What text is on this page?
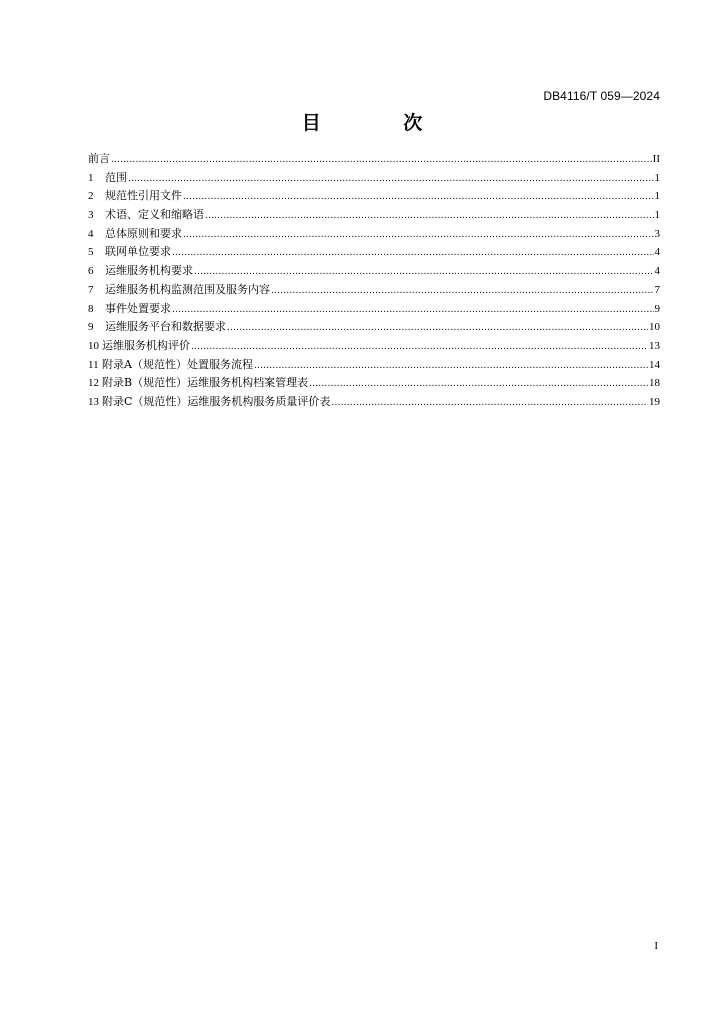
DB4116/T 059—2024
目 次
前言 .....	II
1	范围 .....	1
2	规范性引用文件 .....	1
3	术语、定义和缩略语 .....	1
4	总体原则和要求 .....	3
5	联网单位要求 .....	4
6	运维服务机构要求 .....	4
7	运维服务机构监测范围及服务内容 .....	7
8	事件处置要求 .....	9
9	运维服务平台和数据要求 .....	10
10 运维服务机构评价 .....	13
11 附录A（规范性）处置服务流程 .....	14
12 附录B（规范性）运维服务机构档案管理表 .....	18
13 附录C（规范性）运维服务机构服务质量评价表 .....	19
I
